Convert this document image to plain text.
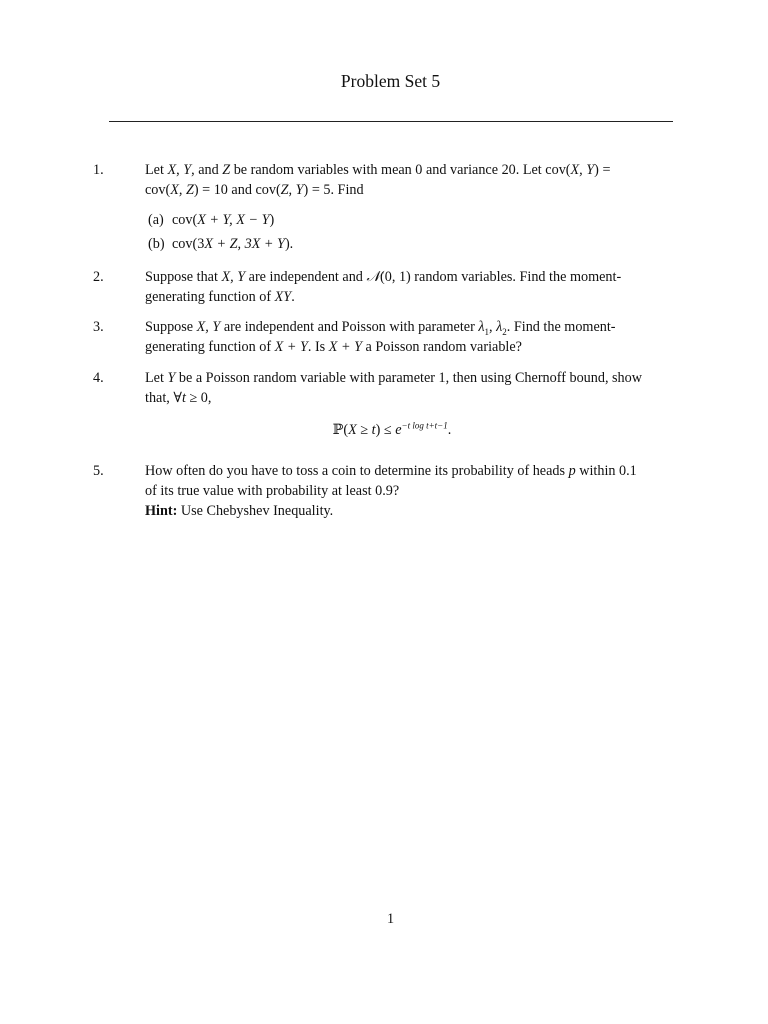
Problem Set 5
1.	Let X, Y, and Z be random variables with mean 0 and variance 20. Let cov(X, Y) =
cov(X, Z) = 10 and cov(Z, Y) = 5. Find
(a) cov(X + Y, X − Y)
(b) cov(3X + Z, 3X + Y).
2.	Suppose that X, Y are independent and 𝒩(0, 1) random variables. Find the moment-
generating function of XY.
3.	Suppose X, Y are independent and Poisson with parameter $\lambda_1$, $\lambda_2$. Find the moment-
generating function of X + Y. Is X + Y a Poisson random variable?
4.	Let Y be a Poisson random variable with parameter 1, then using Chernoff bound, show
that, ∀t ≥ 0,
ℙ(X ≥ $t) \le e^{-t log t+t-1}$.
5.	How often do you have to toss a coin to determine its probability of heads p within 0.1
of its true value with probability at least 0.9?
Hint: Use Chebyshev Inequality.
1
